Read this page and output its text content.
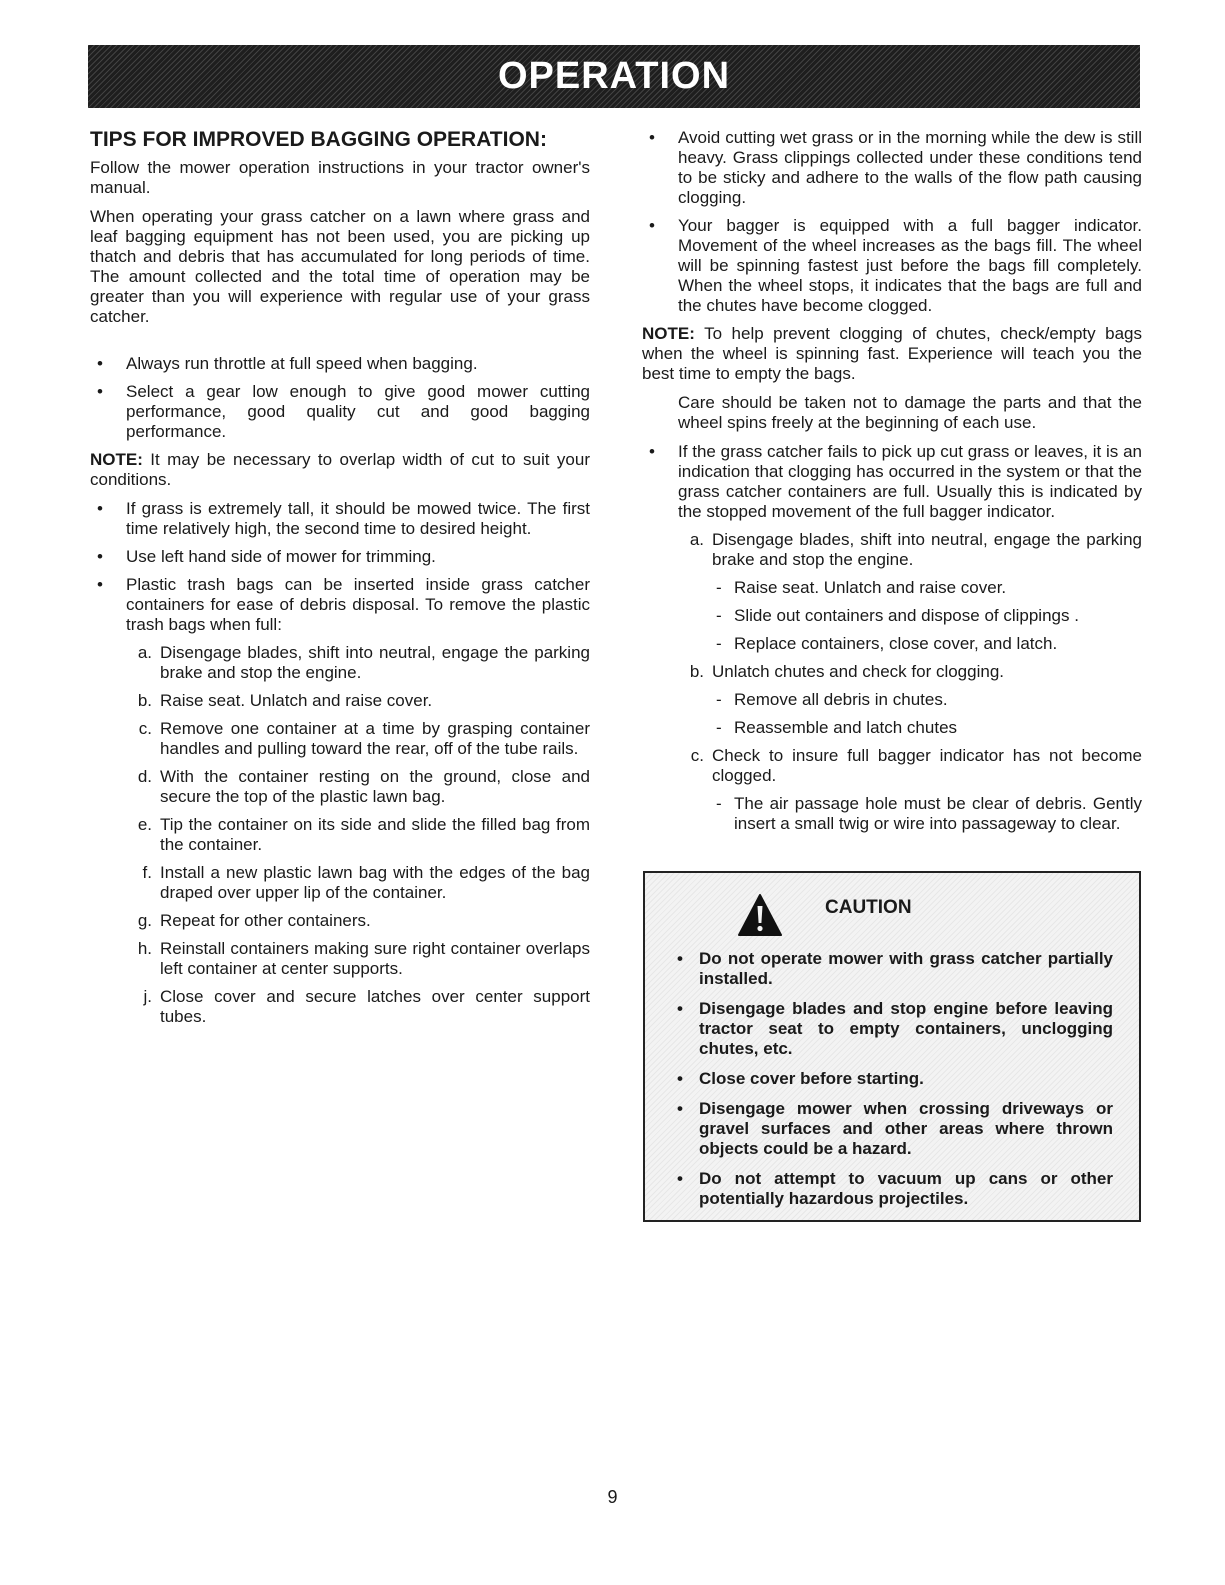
OPERATION
TIPS FOR IMPROVED BAGGING OPERATION:

Follow the mower operation instructions in your tractor owner's manual.

When operating your grass catcher on a lawn where grass and leaf bagging equipment has not been used, you are picking up thatch and debris that has accumulated for long periods of time. The amount collected and the total time of operation may be greater than you will experience with regular use of your grass catcher.

•	Always run throttle at full speed when bagging.
•	Select a gear low enough to give good mower cutting performance, good quality cut and good bagging performance.

NOTE: It may be necessary to overlap width of cut to suit your conditions.

•	If grass is extremely tall, it should be mowed twice. The first time relatively high, the second time to desired height.
•	Use left hand side of mower for trimming.
•	Plastic trash bags can be inserted inside grass catcher containers for ease of debris disposal. To remove the plastic trash bags when full:
a. Disengage blades, shift into neutral, engage the parking brake and stop the engine.
b. Raise seat. Unlatch and raise cover.
c. Remove one container at a time by grasping container handles and pulling toward the rear, off of the tube rails.
d. With the container resting on the ground, close and secure the top of the plastic lawn bag.
e. Tip the container on its side and slide the filled bag from the container.
f. Install a new plastic lawn bag with the edges of the bag draped over upper lip of the container.
g. Repeat for other containers.
h. Reinstall containers making sure right container overlaps left container at center supports.
j. Close cover and secure latches over center support tubes.
•	Avoid cutting wet grass or in the morning while the dew is still heavy. Grass clippings collected under these conditions tend to be sticky and adhere to the walls of the flow path causing clogging.
•	Your bagger is equipped with a full bagger indicator. Movement of the wheel increases as the bags fill. The wheel will be spinning fastest just before the bags fill completely. When the wheel stops, it indicates that the bags are full and the chutes have become clogged.

NOTE: To help prevent clogging of chutes, check/empty bags when the wheel is spinning fast. Experience will teach you the best time to empty the bags.

Care should be taken not to damage the parts and that the wheel spins freely at the beginning of each use.

•	If the grass catcher fails to pick up cut grass or leaves, it is an indication that clogging has occurred in the system or that the grass catcher containers are full. Usually this is indicated by the stopped movement of the full bagger indicator.
a. Disengage blades, shift into neutral, engage the parking brake and stop the engine.
- Raise seat. Unlatch and raise cover.
- Slide out containers and dispose of clippings .
- Replace containers, close cover, and latch.
b. Unlatch chutes and check for clogging.
- Remove all debris in chutes.
- Reassemble and latch chutes
c. Check to insure full bagger indicator has not become clogged.
- The air passage hole must be clear of debris. Gently insert a small twig or wire into passageway to clear.
CAUTION
• Do not operate mower with grass catcher partially installed.
• Disengage blades and stop engine before leaving tractor seat to empty containers, unclogging chutes, etc.
• Close cover before starting.
• Disengage mower when crossing driveways or gravel surfaces and other areas where thrown objects could be a hazard.
• Do not attempt to vacuum up cans or other potentially hazardous projectiles.
9
